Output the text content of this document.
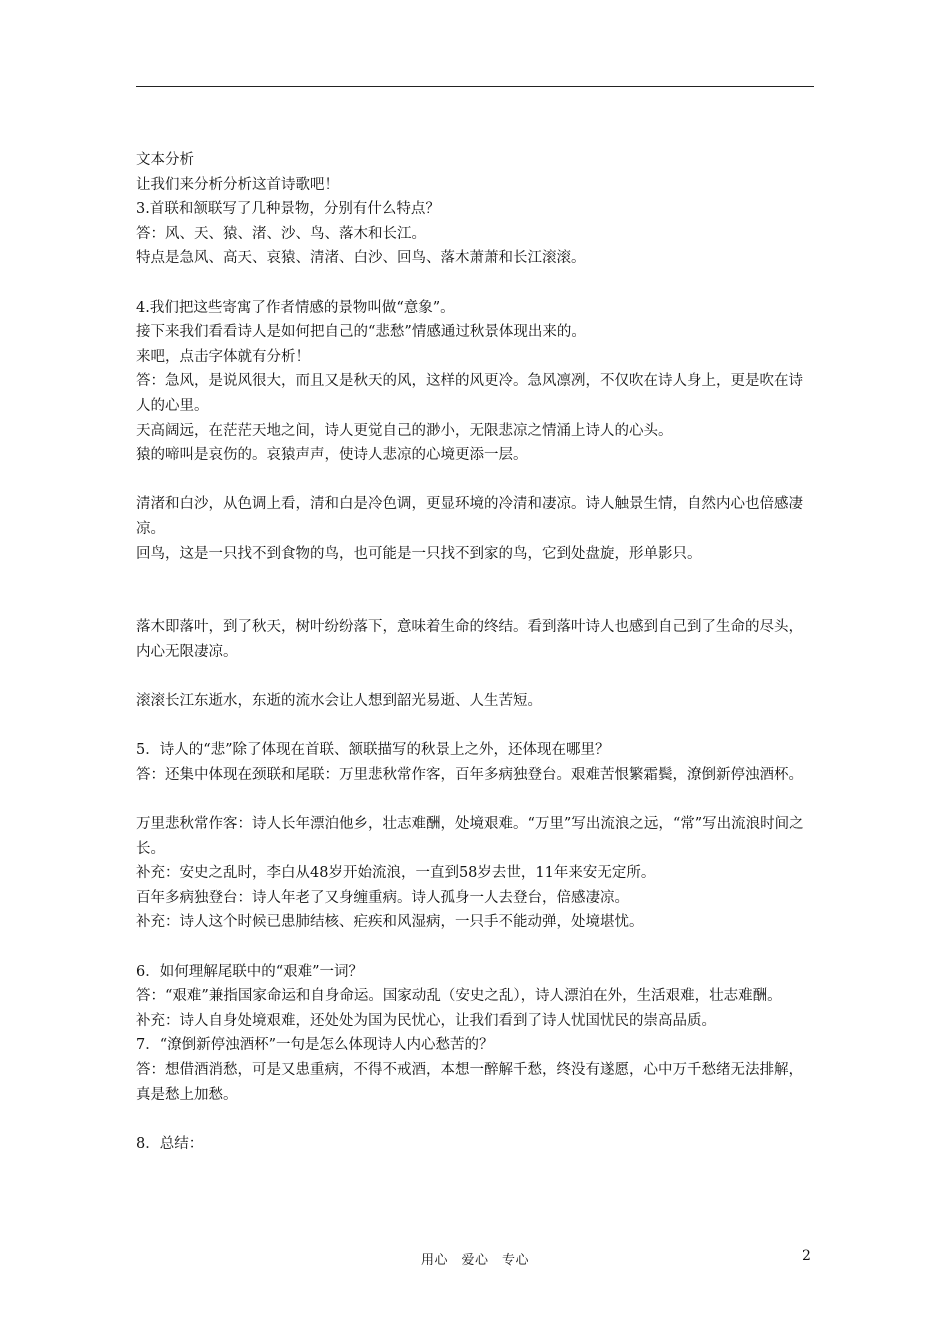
文本分析

让我们来分析分析这首诗歌吧！

3.首联和颔联写了几种景物，分别有什么特点？

答：风、天、猿、渚、沙、鸟、落木和长江。

特点是急风、高天、哀猿、清渚、白沙、回鸟、落木萧萧和长江滚滚。

4.我们把这些寄寓了作者情感的景物叫做“意象”。

接下来我们看看诗人是如何把自己的“悲愁”情感通过秋景体现出来的。

来吧，点击字体就有分析！

答：急风，是说风很大，而且又是秋天的风，这样的风更冷。急风凛冽，不仅吹在诗人身上，更是吹在诗人的心里。

天高阔远，在茫茫天地之间，诗人更觉自己的渺小，无限悲凉之情涌上诗人的心头。

猿的啼叫是哀伤的。哀猿声声，使诗人悲凉的心境更添一层。

清渚和白沙，从色调上看，清和白是冷色调，更显环境的冷清和凄凉。诗人触景生情，自然内心也倍感凄凉。

回鸟，这是一只找不到食物的鸟，也可能是一只找不到家的鸟，它到处盘旋，形单影只。

落木即落叶，到了秋天，树叶纷纷落下，意味着生命的终结。看到落叶诗人也感到自己到了生命的尽头，内心无限凄凉。

滚滚长江东逝水，东逝的流水会让人想到韶光易逝、人生苦短。

5．诗人的“悲”除了体现在首联、颔联描写的秋景上之外，还体现在哪里？

答：还集中体现在颈联和尾联：万里悲秋常作客，百年多病独登台。艰难苦恨繁霜鬓，潦倒新停浊酒杯。

万里悲秋常作客：诗人长年漂泊他乡，壮志难酬，处境艰难。“万里”写出流浪之远，“常”写出流浪时间之长。

补充：安史之乱时，李白从48岁开始流浪，一直到58岁去世，11年来安无定所。

百年多病独登台：诗人年老了又身缠重病。诗人孤身一人去登台，倍感凄凉。

补充：诗人这个时候已患肺结核、疟疾和风湿病，一只手不能动弹，处境堪忧。

6．如何理解尾联中的“艰难”一词？

答：“艰难”兼指国家命运和自身命运。国家动乱（安史之乱），诗人漂泊在外，生活艰难，壮志难酬。

补充：诗人自身处境艰难，还处处为国为民忧心，让我们看到了诗人忧国忧民的崇高品质。

7．“潦倒新停浊酒杯”一句是怎么体现诗人内心愁苦的？

答：想借酒消愁，可是又患重病，不得不戒酒，本想一醉解千愁，终没有遂愿，心中万千愁绪无法排解，真是愁上加愁。

8．总结：

用心　爱心　专心	2
